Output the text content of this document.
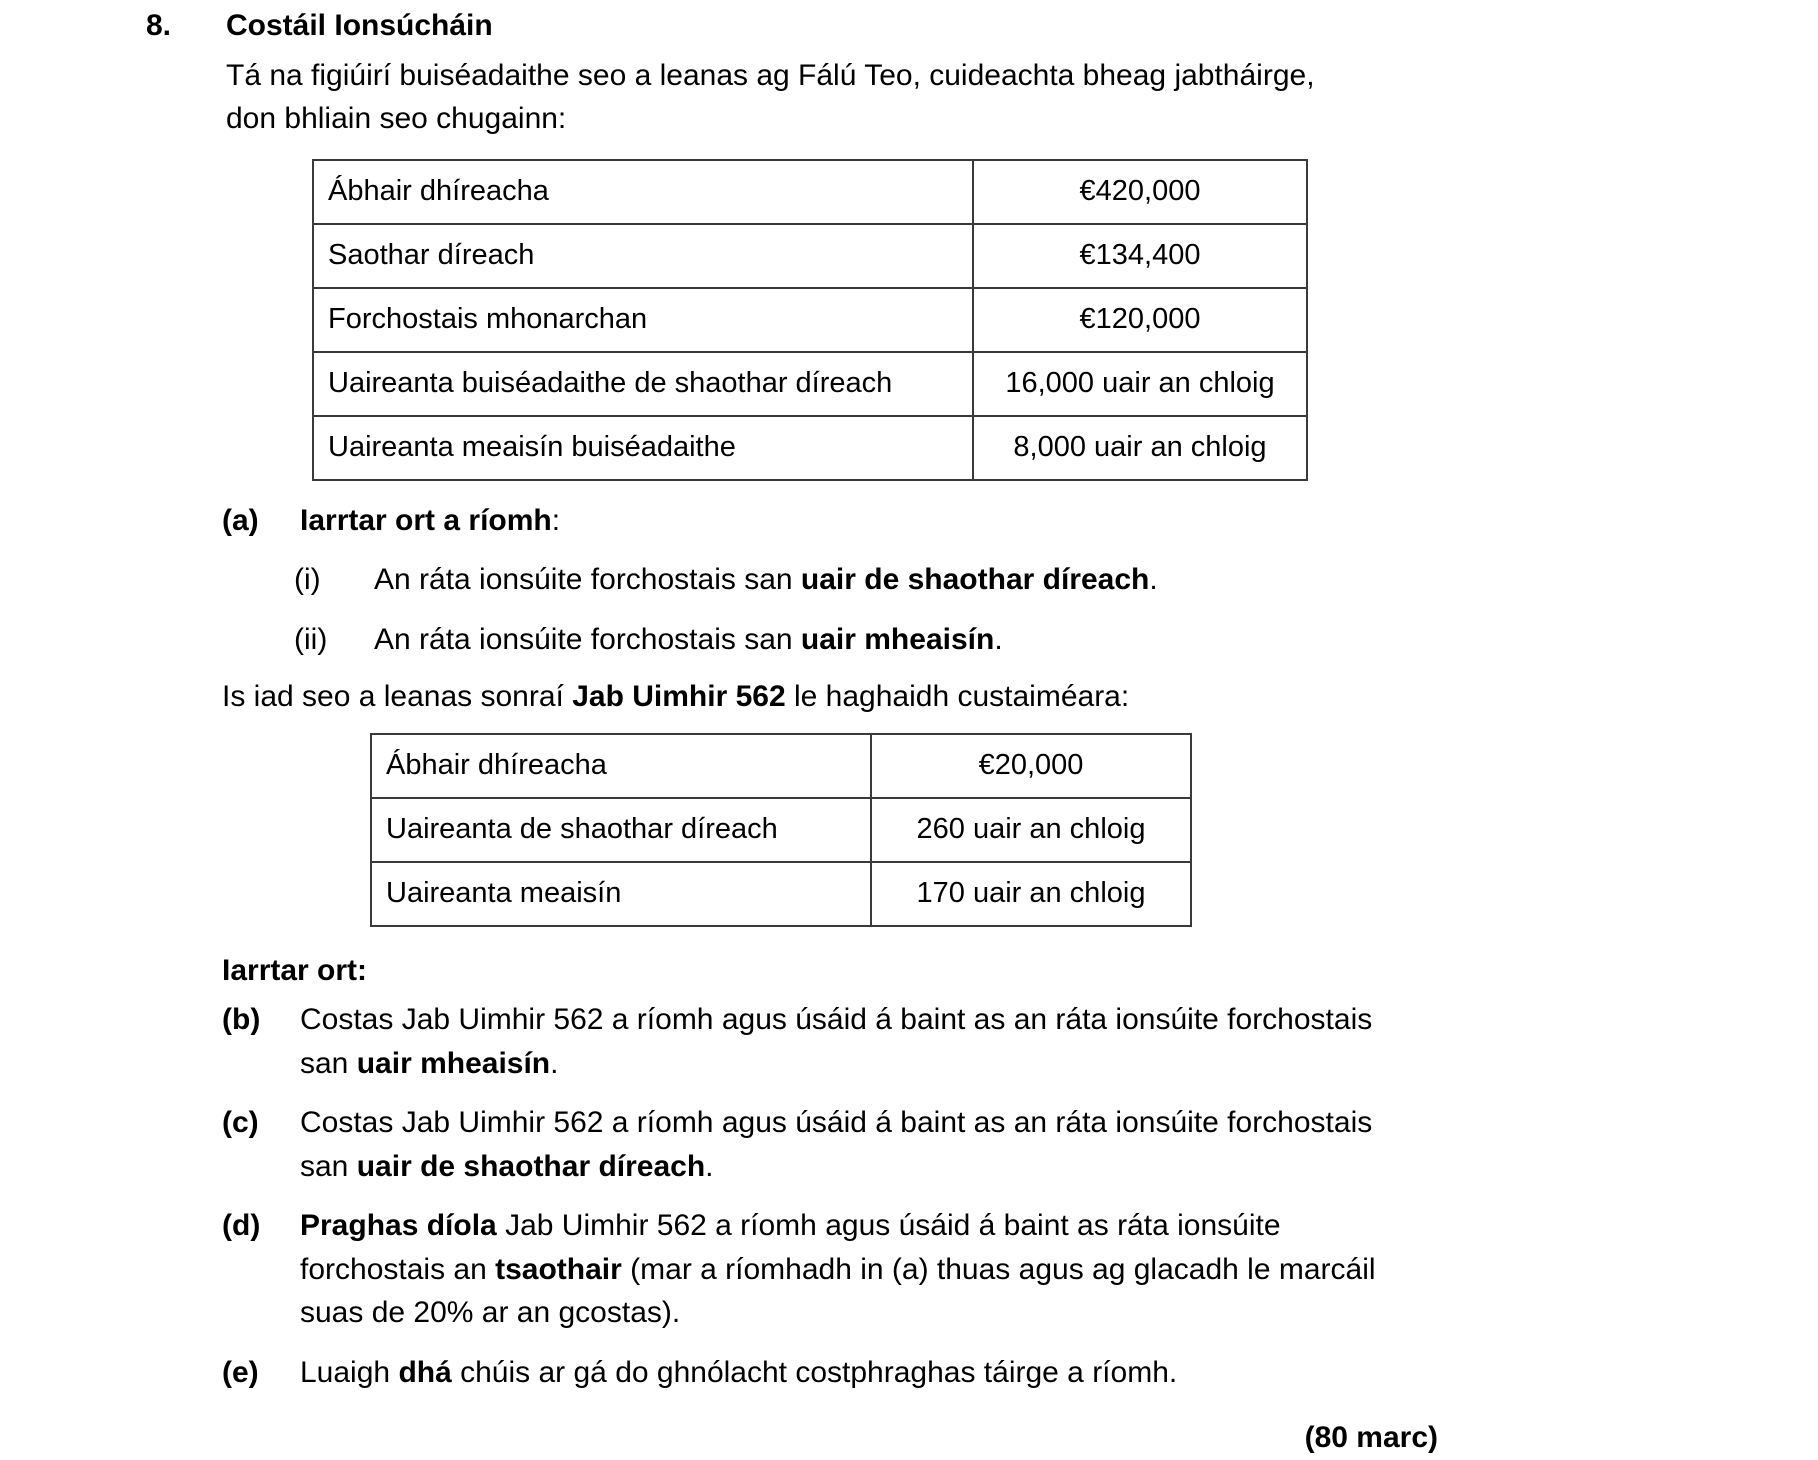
8.	Costáil Ionsúcháin
Tá na figiúirí buiséadaithe seo a leanas ag Fálú Teo, cuideachta bheag jabtháirge, don bhliain seo chugainn:
Ábhair dhíreacha	€420,000
Saothar díreach	€134,400
Forchostais mhonarchan	€120,000
Uaireanta buiséadaithe de shaothar díreach	16,000 uair an chloig
Uaireanta meaisín buiséadaithe	8,000 uair an chloig
(a)	Iarrtar ort a ríomh:

(i)	An ráta ionsúite forchostais san uair de shaothar díreach.

(ii)	An ráta ionsúite forchostais san uair mheaisín.

Is iad seo a leanas sonraí Jab Uimhir 562 le haghaidh custaiméara:
Ábhair dhíreacha	€20,000
Uaireanta de shaothar díreach	260 uair an chloig
Uaireanta meaisín	170 uair an chloig
Iarrtar ort:
(b)	Costas Jab Uimhir 562 a ríomh agus úsáid á baint as an ráta ionsúite forchostais san uair mheaisín.

(c)	Costas Jab Uimhir 562 a ríomh agus úsáid á baint as an ráta ionsúite forchostais san uair de shaothar díreach.

(d)	Praghas díola Jab Uimhir 562 a ríomh agus úsáid á baint as ráta ionsúite forchostais an tsaothair (mar a ríomhadh in (a) thuas agus ag glacadh le marcáil suas de 20% ar an gcostas).

(e)	Luaigh dhá chúis ar gá do ghnólacht costphraghas táirge a ríomh.

(80 marc)
